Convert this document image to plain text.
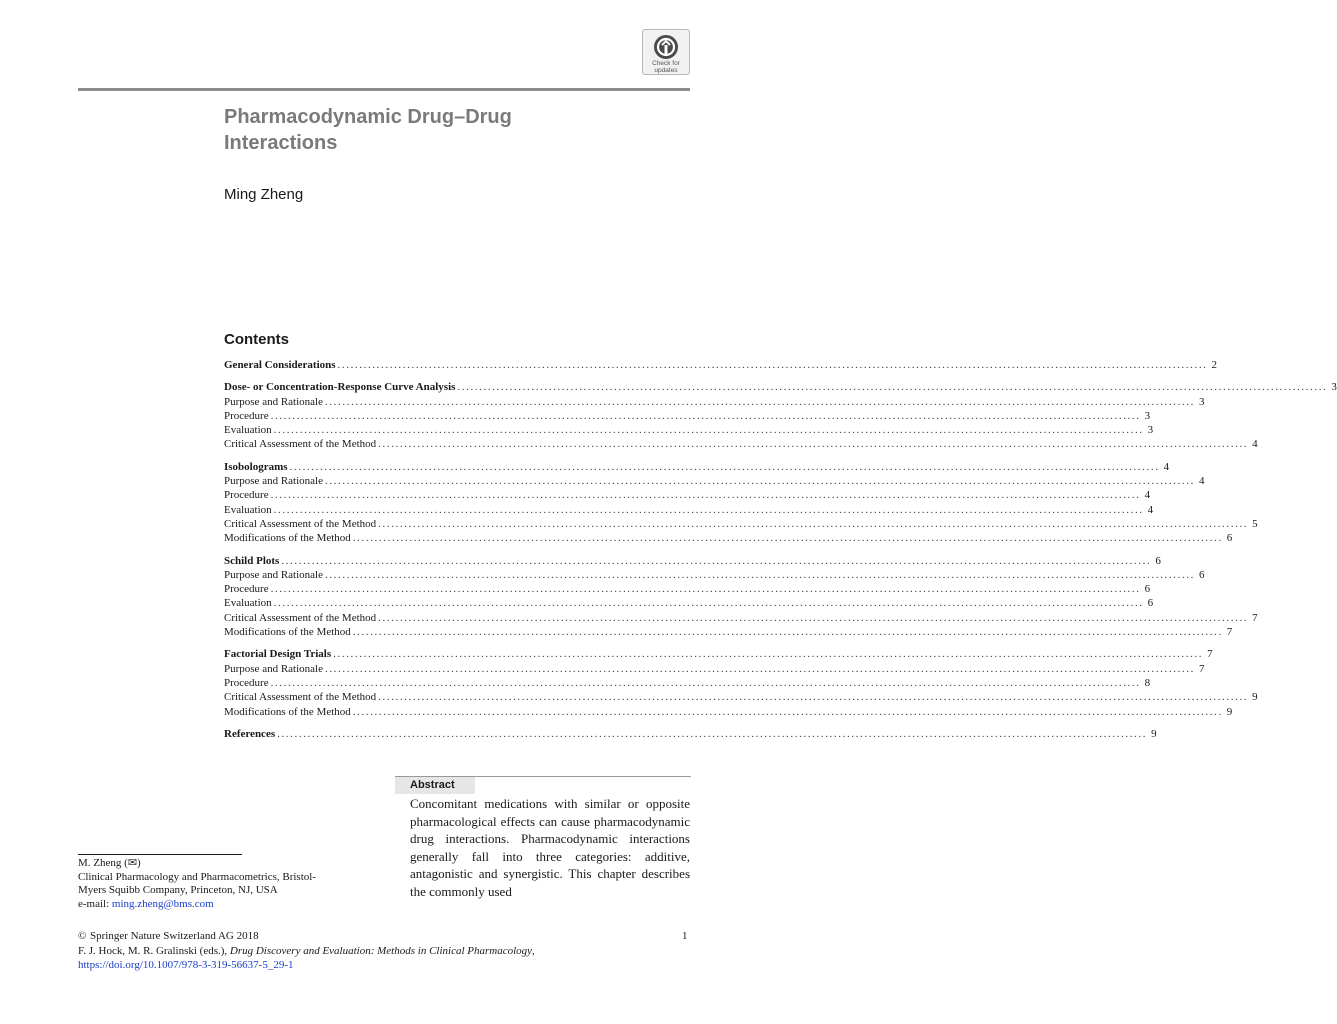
Check for
updates
Pharmacodynamic Drug–Drug
Interactions
Ming Zheng
Contents
General Considerations ........................................................................................................................................................................................................ 2
Dose- or Concentration-Response Curve Analysis ........................................................................................................................................................................................................ 3
Purpose and Rationale ........................................................................................................................................................................................................ 3
Procedure ........................................................................................................................................................................................................ 3
Evaluation ........................................................................................................................................................................................................ 3
Critical Assessment of the Method ........................................................................................................................................................................................................ 4
Isobolograms ........................................................................................................................................................................................................ 4
Purpose and Rationale ........................................................................................................................................................................................................ 4
Procedure ........................................................................................................................................................................................................ 4
Evaluation ........................................................................................................................................................................................................ 4
Critical Assessment of the Method ........................................................................................................................................................................................................ 5
Modifications of the Method ........................................................................................................................................................................................................ 6
Schild Plots ........................................................................................................................................................................................................ 6
Purpose and Rationale ........................................................................................................................................................................................................ 6
Procedure ........................................................................................................................................................................................................ 6
Evaluation ........................................................................................................................................................................................................ 6
Critical Assessment of the Method ........................................................................................................................................................................................................ 7
Modifications of the Method ........................................................................................................................................................................................................ 7
Factorial Design Trials ........................................................................................................................................................................................................ 7
Purpose and Rationale ........................................................................................................................................................................................................ 7
Procedure ........................................................................................................................................................................................................ 8
Critical Assessment of the Method ........................................................................................................................................................................................................ 9
Modifications of the Method ........................................................................................................................................................................................................ 9
References ........................................................................................................................................................................................................ 9
Abstract

Concomitant medications with similar or opposite pharmacological effects can cause pharmacodynamic drug interactions. Pharmacodynamic interactions generally fall into three categories: additive, antagonistic and synergistic. This chapter describes the commonly used

M. Zheng (✉)
Clinical Pharmacology and Pharmacometrics, Bristol-
Myers Squibb Company, Princeton, NJ, USA
e-mail: ming.zheng@bms.com
© Springer Nature Switzerland AG 2018
F. J. Hock, M. R. Gralinski (eds.), Drug Discovery and Evaluation: Methods in Clinical Pharmacology,
https://doi.org/10.1007/978-3-319-56637-5_29-1
1
